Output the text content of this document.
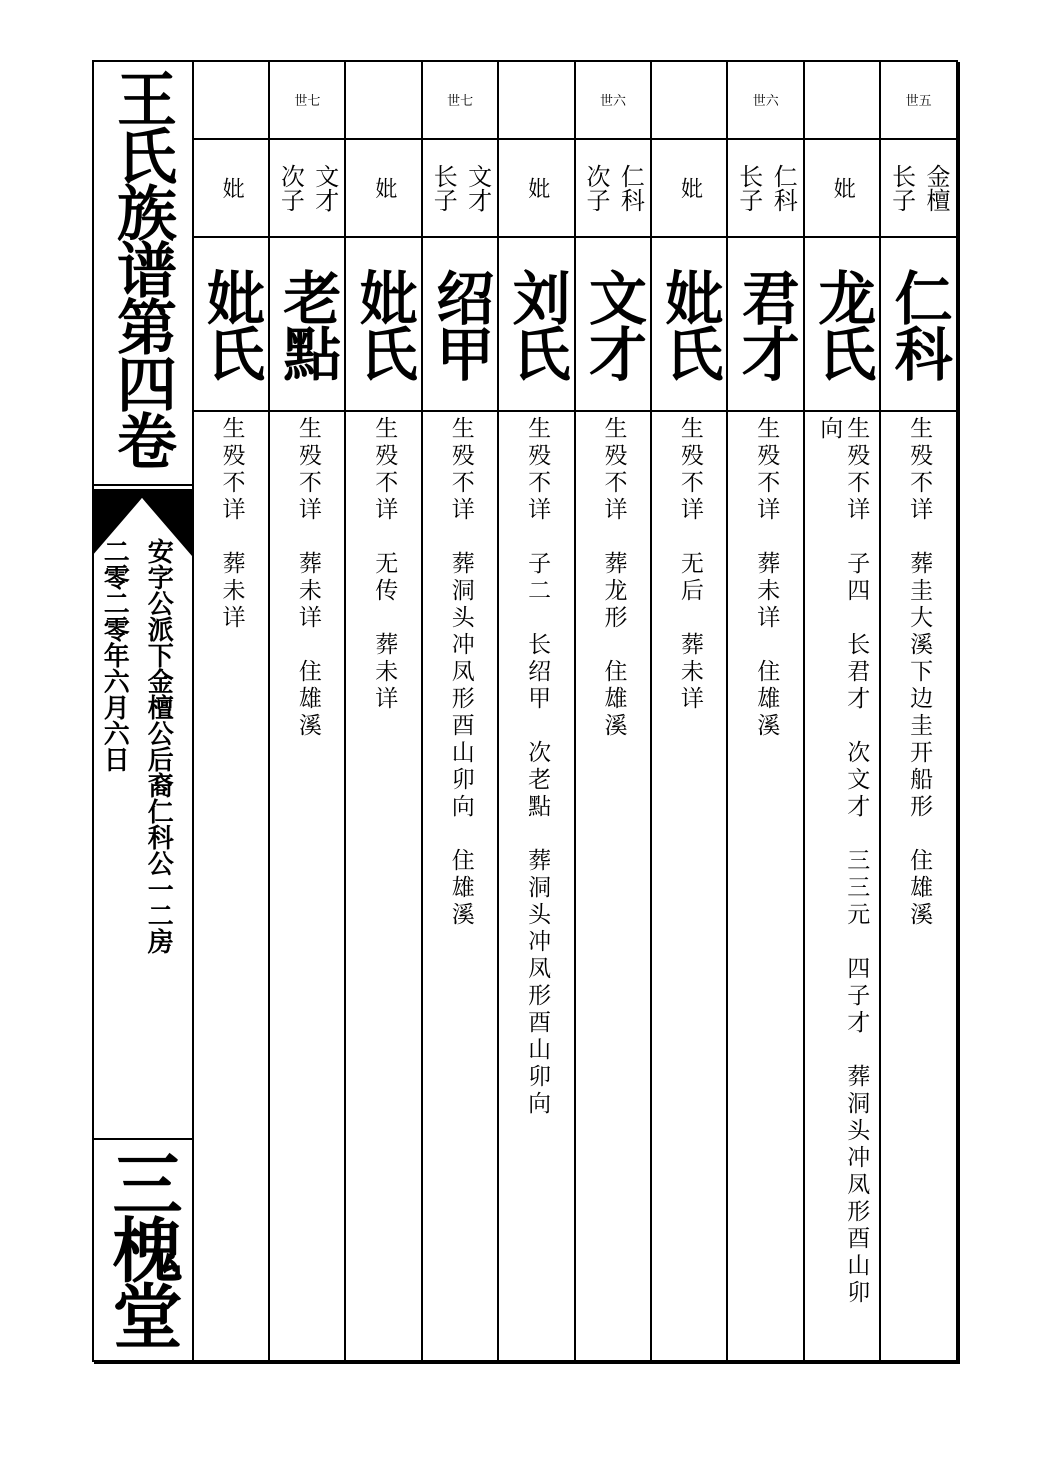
王氏族谱第四卷
安字公派下金檀公后裔仁科公一二房
二零二零年六月六日
三槐堂
世五
金檀
长子
仁科
生殁不详　葬圭大溪下边圭开船形　住雄溪
妣
龙氏
生殁不详　子四　长君才　次文才　三三元　四子才　葬洞头冲凤形酉山卯
向
世六
仁科
长子
君才
生殁不详　葬未详　住雄溪
妣
妣氏
生殁不详　无后　葬未详
世六
仁科
次子
文才
生殁不详　葬龙形　住雄溪
妣
刘氏
生殁不详　子二　长绍甲　次老點　葬洞头冲凤形酉山卯向
世七
文才
长子
绍甲
生殁不详　葬洞头冲凤形酉山卯向　住雄溪
妣
妣氏
生殁不详　无传　葬未详
世七
文才
次子
老點
生殁不详　葬未详　住雄溪
妣
妣氏
生殁不详　葬未详
